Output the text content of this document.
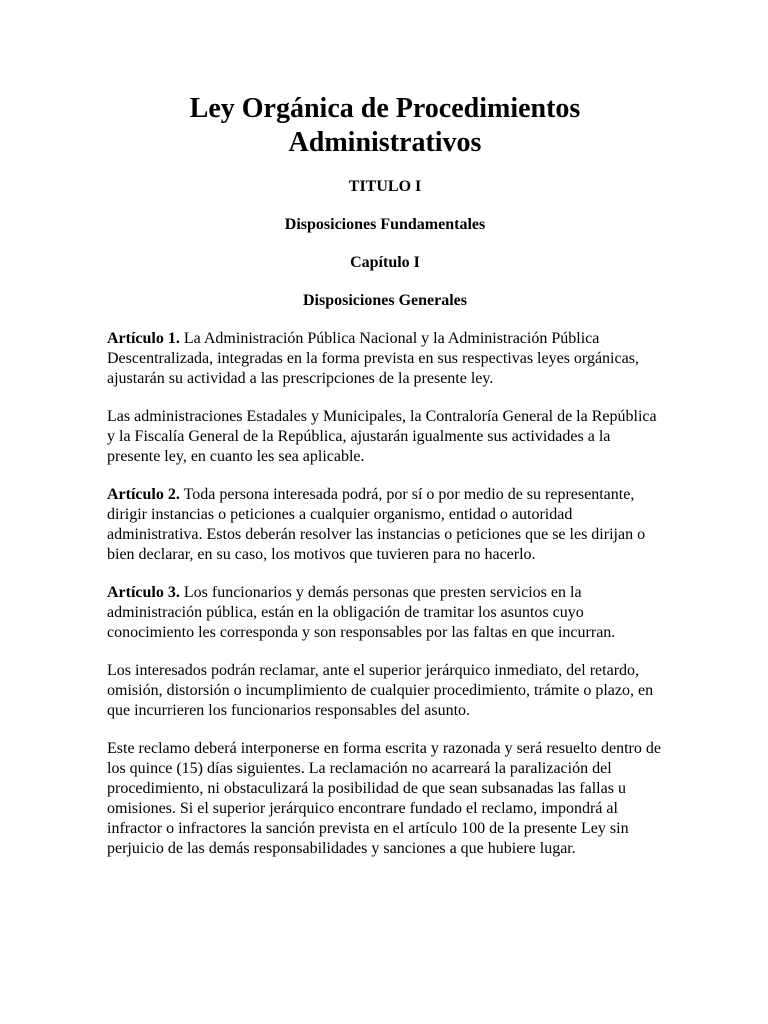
Ley Orgánica de Procedimientos
Administrativos
TITULO I
Disposiciones Fundamentales
Capítulo I
Disposiciones Generales

Artículo 1. La Administración Pública Nacional y la Administración Pública Descentralizada, integradas en la forma prevista en sus respectivas leyes orgánicas, ajustarán su actividad a las prescripciones de la presente ley.

Las administraciones Estadales y Municipales, la Contraloría General de la República y la Fiscalía General de la República, ajustarán igualmente sus actividades a la presente ley, en cuanto les sea aplicable.

Artículo 2. Toda persona interesada podrá, por sí o por medio de su representante, dirigir instancias o peticiones a cualquier organismo, entidad o autoridad administrativa. Estos deberán resolver las instancias o peticiones que se les dirijan o bien declarar, en su caso, los motivos que tuvieren para no hacerlo.

Artículo 3. Los funcionarios y demás personas que presten servicios en la administración pública, están en la obligación de tramitar los asuntos cuyo conocimiento les corresponda y son responsables por las faltas en que incurran.

Los interesados podrán reclamar, ante el superior jerárquico inmediato, del retardo, omisión, distorsión o incumplimiento de cualquier procedimiento, trámite o plazo, en que incurrieren los funcionarios responsables del asunto.

Este reclamo deberá interponerse en forma escrita y razonada y será resuelto dentro de los quince (15) días siguientes. La reclamación no acarreará la paralización del procedimiento, ni obstaculizará la posibilidad de que sean subsanadas las fallas u omisiones. Si el superior jerárquico encontrare fundado el reclamo, impondrá al infractor o infractores la sanción prevista en el artículo 100 de la presente Ley sin perjuicio de las demás responsabilidades y sanciones a que hubiere lugar.
